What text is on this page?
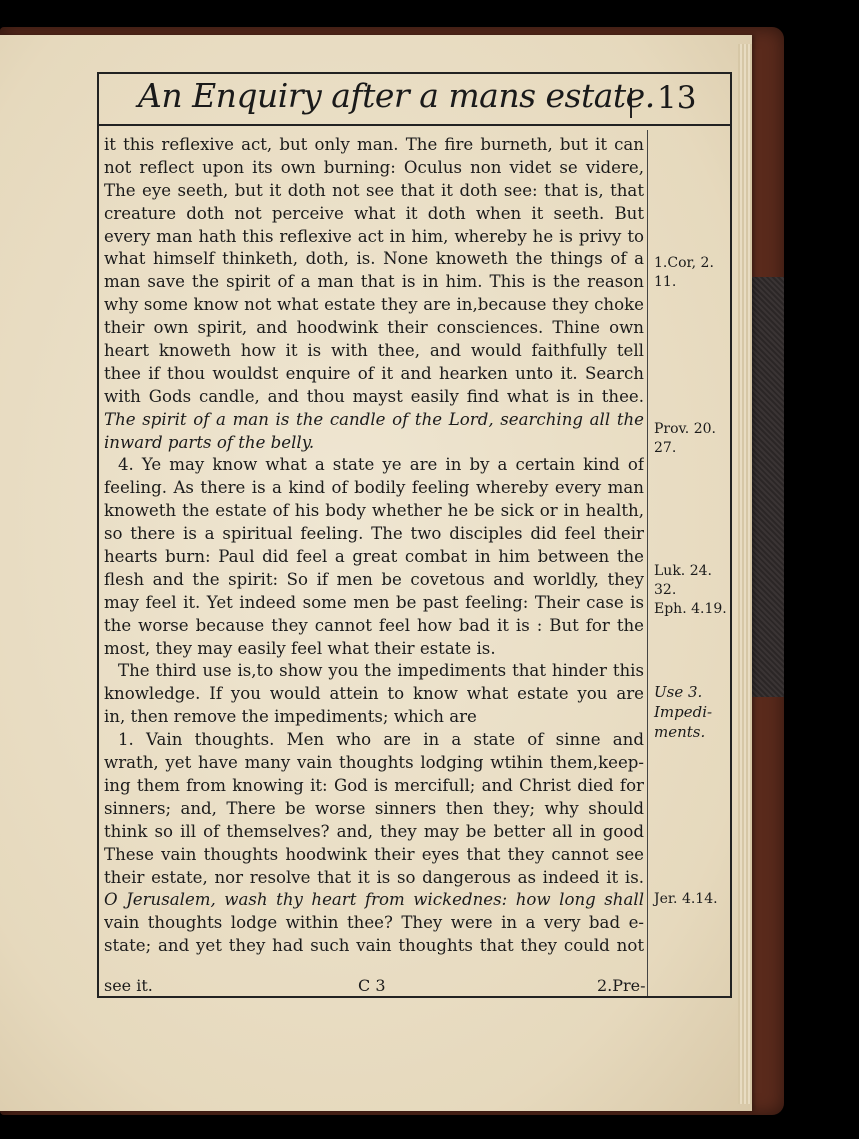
An Enquiry after a mans estate. 13
it this reflexive act, but only man. The fire burneth, but it can
not reflect upon its own burning: Oculus non videt se videre,
The eye seeth, but it doth not see that it doth see: that is, that
creature doth not perceive what it doth when it seeth. But
every man hath this reflexive act in him, whereby he is privy to
what himself thinketh, doth, is. None knoweth the things of a
man save the spirit of a man that is in him. This is the reason
why some know not what estate they are in,because they choke
their own spirit, and hoodwink their consciences. Thine own
heart knoweth how it is with thee, and would faithfully tell
thee if thou wouldst enquire of it and hearken unto it. Search
with Gods candle, and thou mayst easily find what is in thee.
The spirit of a man is the candle of the Lord, searching all the
inward parts of the belly.
4. Ye may know what a state ye are in by a certain kind of
feeling. As there is a kind of bodily feeling whereby every man
knoweth the estate of his body whether he be sick or in health,
so there is a spiritual feeling. The two disciples did feel their
hearts burn: Paul did feel a great combat in him between the
flesh and the spirit: So if men be covetous and worldly, they
may feel it. Yet indeed some men be past feeling: Their case is
the worse because they cannot feel how bad it is : But for the
most, they may easily feel what their estate is.
The third use is,to show you the impediments that hinder this
knowledge. If you would attein to know what estate you are
in, then remove the impediments; which are
1. Vain thoughts. Men who are in a state of sinne and
wrath, yet have many vain thoughts lodging wtihin them,keep-
ing them from knowing it: God is mercifull; and Christ died for
sinners; and, There be worse sinners then they; why should
think so ill of themselves? and, they may be better all in good
These vain thoughts hoodwink their eyes that they cannot see
their estate, nor resolve that it is so dangerous as indeed it is.
O Jerusalem, wash thy heart from wickednes: how long shall
vain thoughts lodge within thee? They were in a very bad e-
state; and yet they had such vain thoughts that they could not
see it.	C 3	2.Pre-
1.Cor, 2.
11.
Prov. 20.
27.
Luk. 24.
32.
Eph. 4.19.
Use 3.
Impedi-
ments.
Jer. 4.14.
